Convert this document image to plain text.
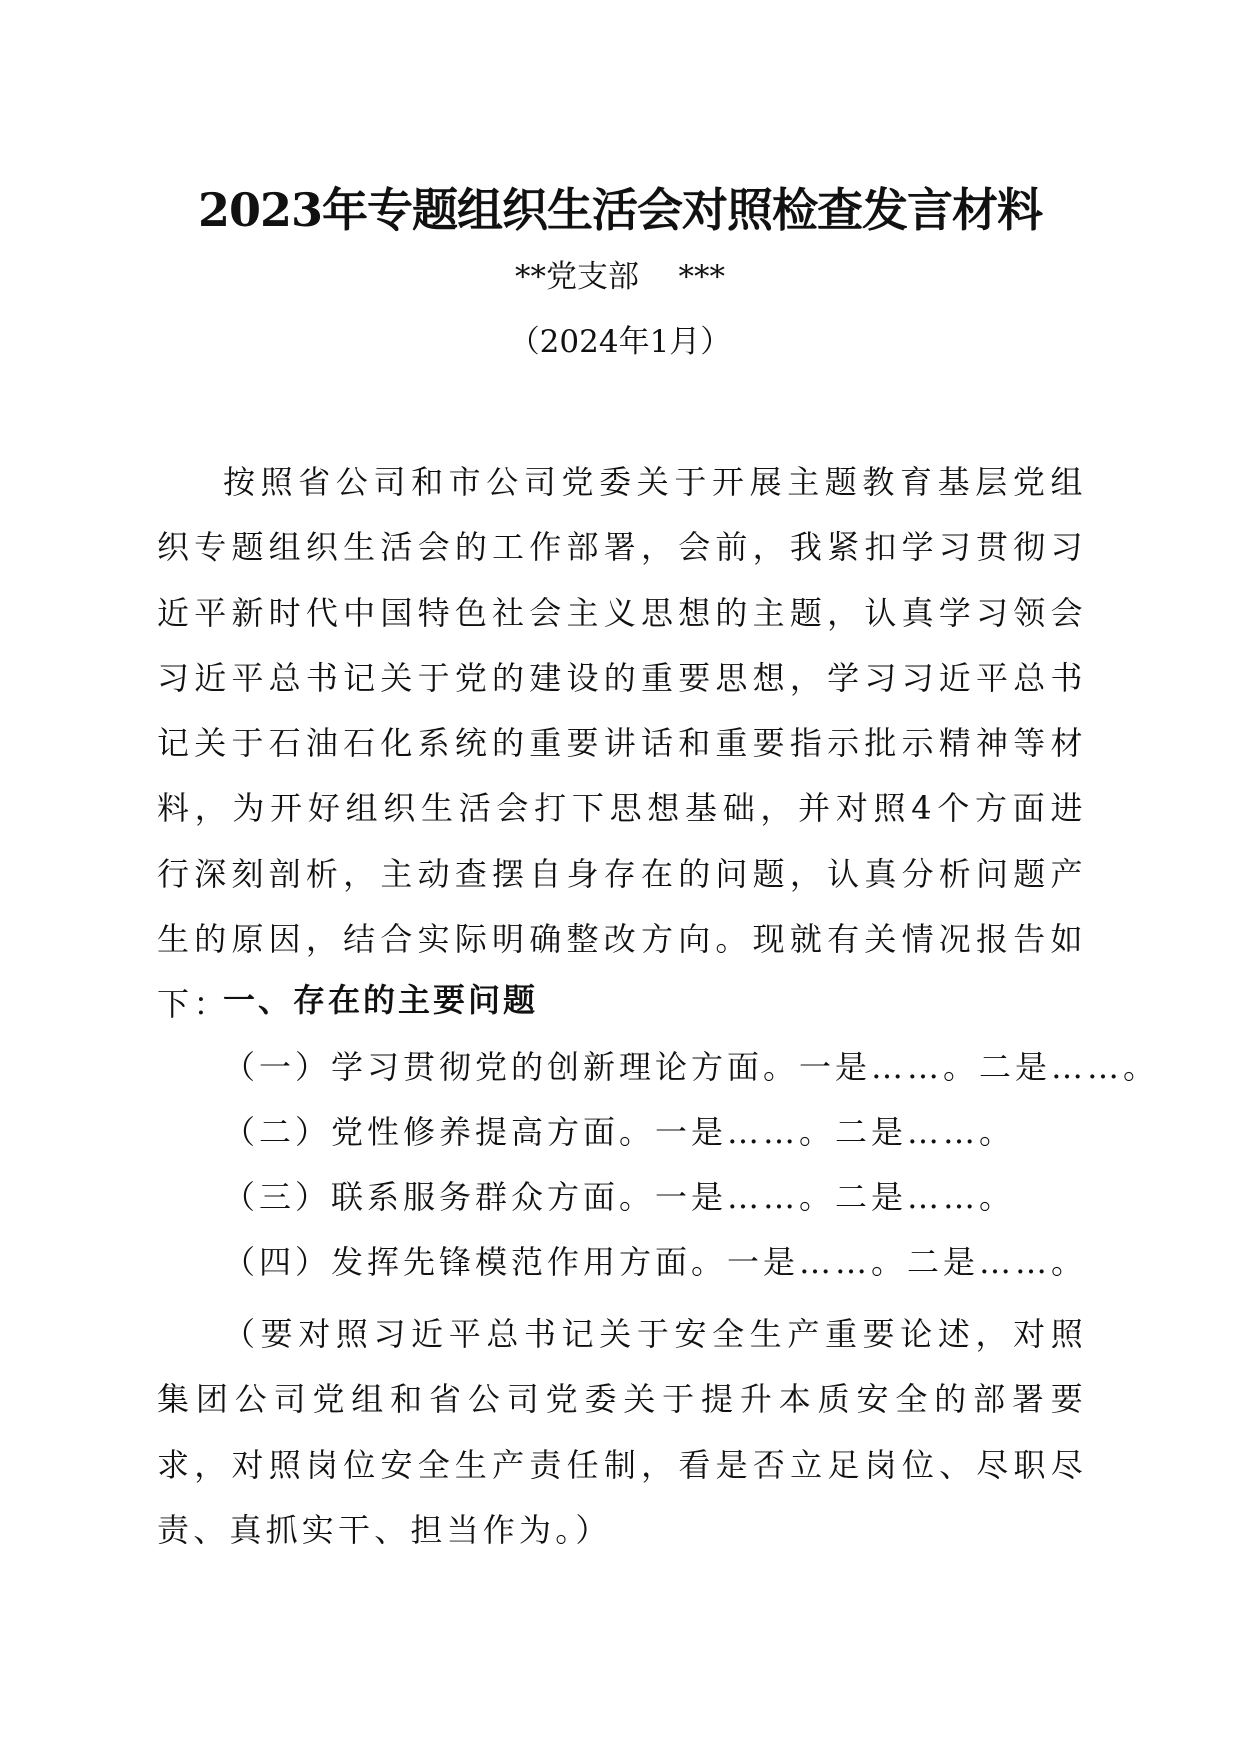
2023年专题组织生活会对照检查发言材料
**党支部    ***
（2024年1月）

按照省公司和市公司党委关于开展主题教育基层党组织专题组织生活会的工作部署，会前，我紧扣学习贯彻习近平新时代中国特色社会主义思想的主题，认真学习领会习近平总书记关于党的建设的重要思想，学习习近平总书记关于石油石化系统的重要讲话和重要指示批示精神等材料，为开好组织生活会打下思想基础，并对照4个方面进行深刻剖析，主动查摆自身存在的问题，认真分析问题产生的原因，结合实际明确整改方向。现就有关情况报告如下：

一、存在的主要问题

（一）学习贯彻党的创新理论方面。一是……。二是……。

（二）党性修养提高方面。一是……。二是……。

（三）联系服务群众方面。一是……。二是……。

（四）发挥先锋模范作用方面。一是……。二是……。

（要对照习近平总书记关于安全生产重要论述，对照集团公司党组和省公司党委关于提升本质安全的部署要求，对照岗位安全生产责任制，看是否立足岗位、尽职尽责、真抓实干、担当作为。）
